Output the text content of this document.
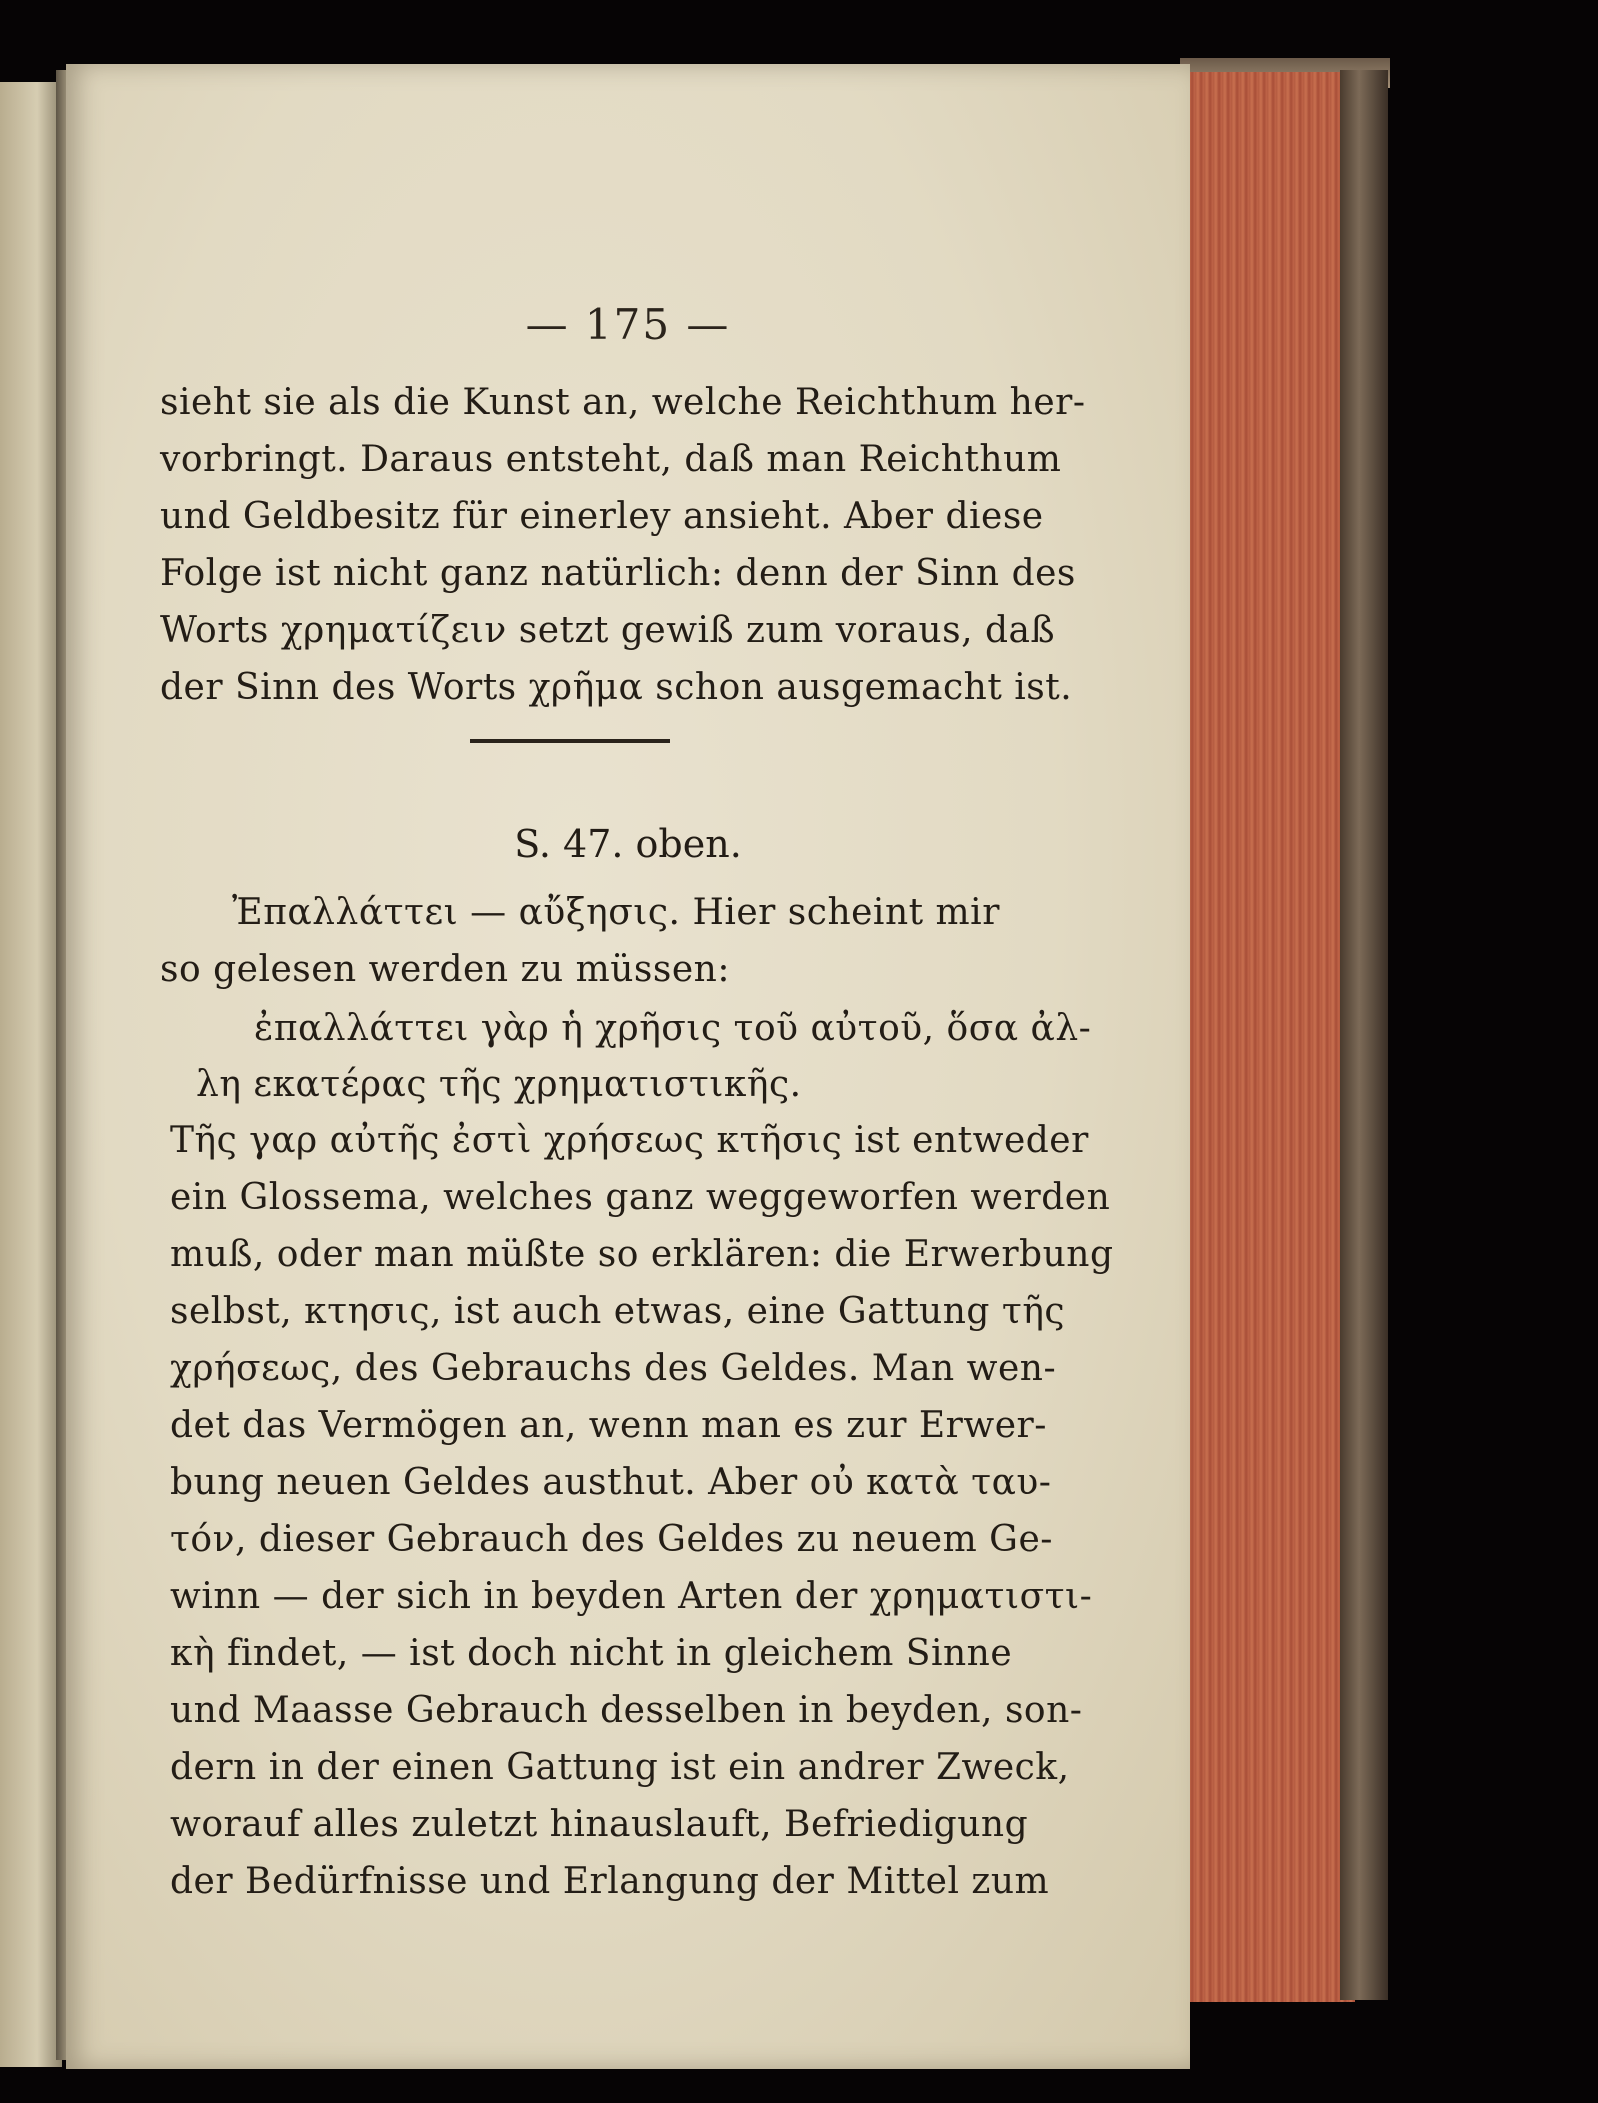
— 175 —
sieht sie als die Kunst an, welche Reichthum her-
vorbringt. Daraus entsteht, daß man Reichthum
und Geldbesitz für einerley ansieht. Aber diese
Folge ist nicht ganz natürlich: denn der Sinn des
Worts χρηματίζειν setzt gewiß zum voraus, daß
der Sinn des Worts χρῆμα schon ausgemacht ist.
S. 47. oben.
Ἐπαλλάττει — αὔξησις. Hier scheint mir
so gelesen werden zu müssen:
ἐπαλλάττει γὰρ ἡ χρῆσις τοῦ αὐτοῦ, ὅσα ἀλ-
λη εκατέρας τῆς χρηματιστικῆς.
Τῆς γαρ αὐτῆς ἐστὶ χρήσεως κτῆσις ist entweder
ein Glossema, welches ganz weggeworfen werden
muß, oder man müßte so erklären: die Erwerbung
selbst, κτησις, ist auch etwas, eine Gattung τῆς
χρήσεως, des Gebrauchs des Geldes. Man wen-
det das Vermögen an, wenn man es zur Erwer-
bung neuen Geldes austhut. Aber οὐ κατὰ ταυ-
τόν, dieser Gebrauch des Geldes zu neuem Ge-
winn — der sich in beyden Arten der χρηματιστι-
κὴ findet, — ist doch nicht in gleichem Sinne
und Maasse Gebrauch desselben in beyden, son-
dern in der einen Gattung ist ein andrer Zweck,
worauf alles zuletzt hinauslauft, Befriedigung
der Bedürfnisse und Erlangung der Mittel zum
